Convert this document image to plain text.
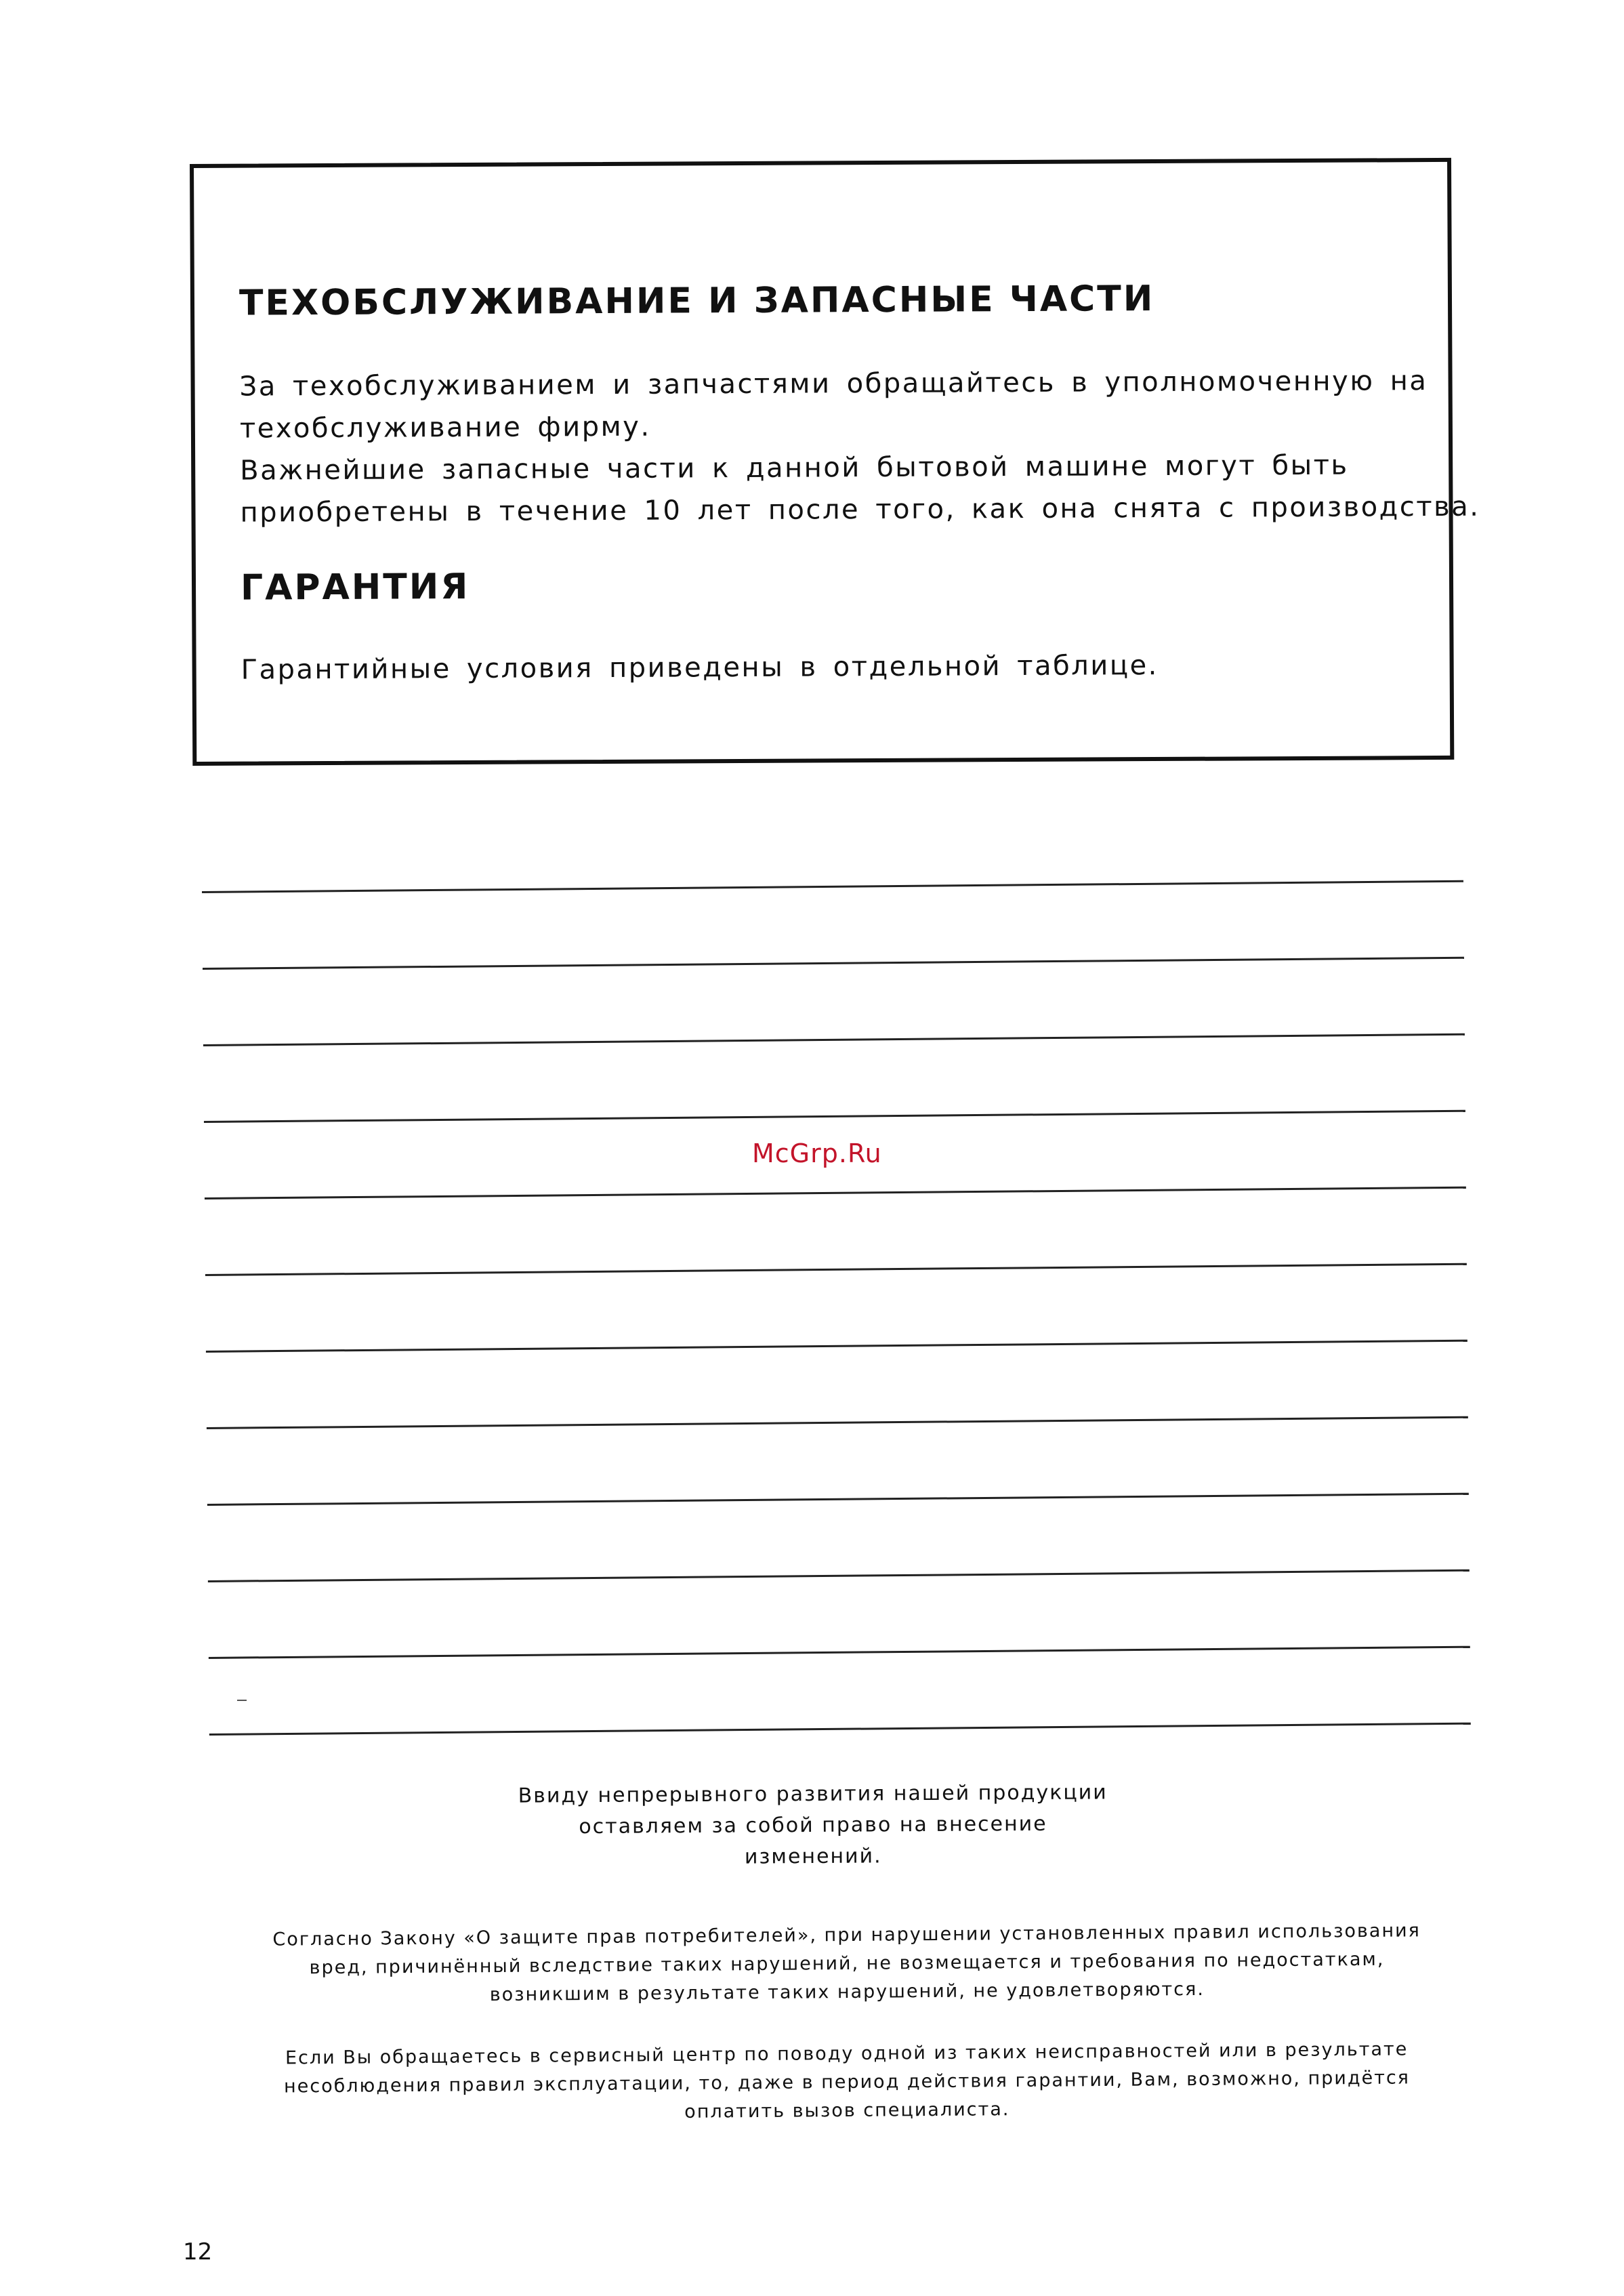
ТЕХОБСЛУЖИВАНИЕ И ЗАПАСНЫЕ ЧАСТИ
За техобслуживанием и запчастями обращайтесь в уполномоченную на
техобслуживание фирму.
Важнейшие запасные части к данной бытовой машине могут быть
приобретены в течение 10 лет после того, как она снята с производства.
ГАРАНТИЯ
Гарантийные условия приведены в отдельной таблице.
McGrp.Ru
Ввиду непрерывного развития нашей продукции
оставляем за собой право на внесение
изменений.
Согласно Закону «О защите прав потребителей», при нарушении установленных правил использования
вред, причинённый вследствие таких нарушений, не возмещается и требования по недостаткам,
возникшим в результате таких нарушений, не удовлетворяются.
Если Вы обращаетесь в сервисный центр по поводу одной из таких неисправностей или в результате
несоблюдения правил эксплуатации, то, даже в период действия гарантии, Вам, возможно, придётся
оплатить вызов специалиста.
12
